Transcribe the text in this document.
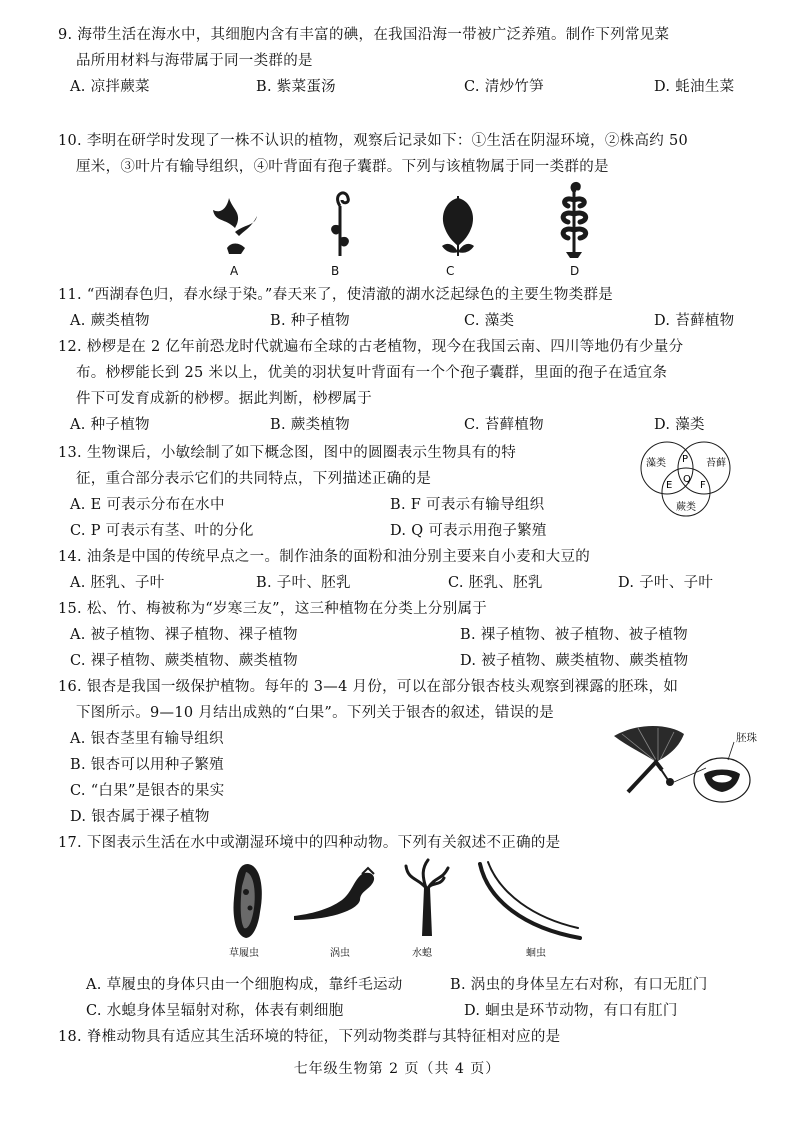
9. 海带生活在海水中，其细胞内含有丰富的碘，在我国沿海一带被广泛养殖。制作下列常见菜

品所用材料与海带属于同一类群的是

A. 凉拌蕨菜	B. 紫菜蛋汤	C. 清炒竹笋	D. 蚝油生菜

10. 李明在研学时发现了一株不认识的植物，观察后记录如下：①生活在阴湿环境，②株高约 50

厘米，③叶片有输导组织，④叶背面有孢子囊群。下列与该植物属于同一类群的是

A	B	C	D

11. “西湖春色归，春水绿于染。”春天来了，使清澈的湖水泛起绿色的主要生物类群是

A. 蕨类植物	B. 种子植物	C. 藻类	D. 苔藓植物

12. 桫椤是在 2 亿年前恐龙时代就遍布全球的古老植物，现今在我国云南、四川等地仍有少量分

布。桫椤能长到 25 米以上，优美的羽状复叶背面有一个个孢子囊群，里面的孢子在适宜条

件下可发育成新的桫椤。据此判断，桫椤属于

A. 种子植物	B. 蕨类植物	C. 苔藓植物	D. 藻类

13. 生物课后，小敏绘制了如下概念图，图中的圆圈表示生物具有的特

征，重合部分表示它们的共同特点，下列描述正确的是

A. E 可表示分布在水中	B. F 可表示有输导组织
C. P 可表示有茎、叶的分化	D. Q 可表示用孢子繁殖
藻类	苔藓
蕨类
P
Q
E	F

14. 油条是中国的传统早点之一。制作油条的面粉和油分别主要来自小麦和大豆的

A. 胚乳、子叶	B. 子叶、胚乳	C. 胚乳、胚乳	D. 子叶、子叶

15. 松、竹、梅被称为“岁寒三友”，这三种植物在分类上分别属于

A. 被子植物、裸子植物、裸子植物	B. 裸子植物、被子植物、被子植物
C. 裸子植物、蕨类植物、蕨类植物	D. 被子植物、蕨类植物、蕨类植物

16. 银杏是我国一级保护植物。每年的 3—4 月份，可以在部分银杏枝头观察到裸露的胚珠，如

下图所示。9—10 月结出成熟的“白果”。下列关于银杏的叙述，错误的是

A. 银杏茎里有输导组织

B. 银杏可以用种子繁殖

C. “白果”是银杏的果实

D. 银杏属于裸子植物

胚珠

17. 下图表示生活在水中或潮湿环境中的四种动物。下列有关叙述不正确的是

草履虫	涡虫	水螅	蛔虫
A. 草履虫的身体只由一个细胞构成，靠纤毛运动	B. 涡虫的身体呈左右对称，有口无肛门
C. 水螅身体呈辐射对称，体表有刺细胞	D. 蛔虫是环节动物，有口有肛门

18. 脊椎动物具有适应其生活环境的特征，下列动物类群与其特征相对应的是

七年级生物第 2 页（共 4 页）
